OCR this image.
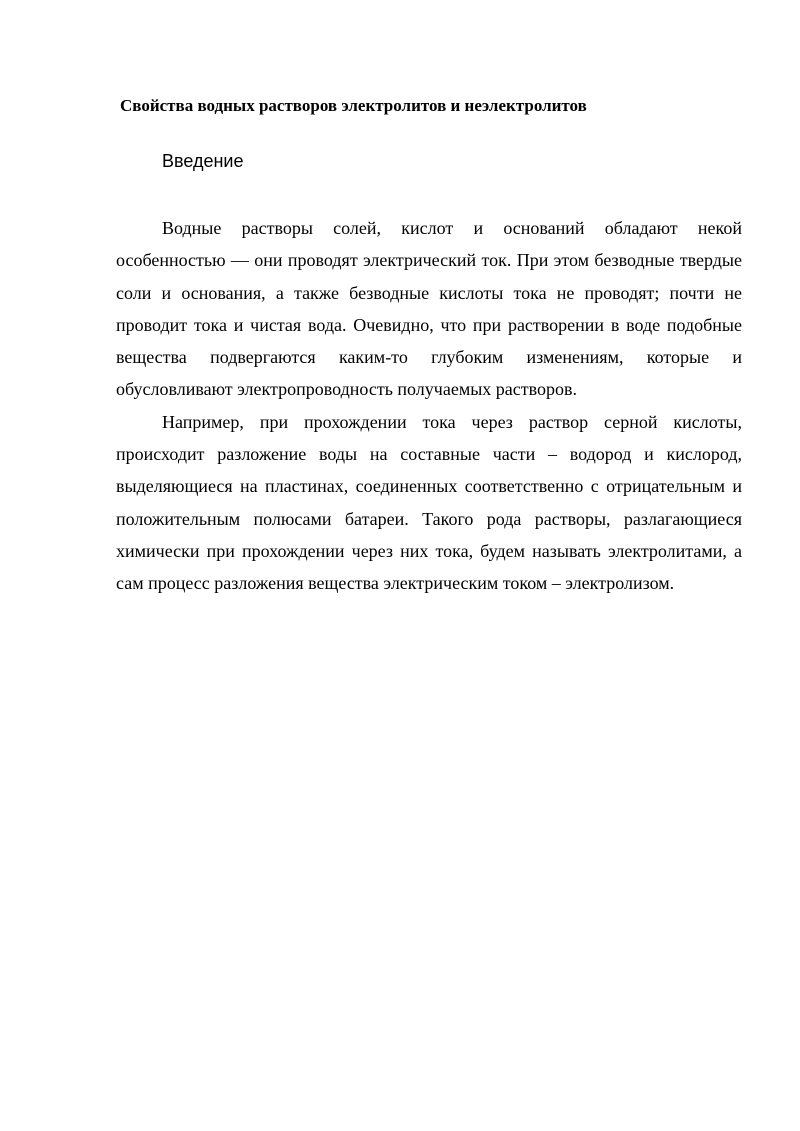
Свойства водных растворов электролитов и неэлектролитов
Введение

Водные растворы солей, кислот и оснований обладают некой особенностью — они проводят электрический ток. При этом безводные твердые соли и основания, а также безводные кислоты тока не проводят; почти не проводит тока и чистая вода. Очевидно, что при растворении в воде подобные вещества подвергаются каким-то глубоким изменениям, которые и обусловливают электропроводность получаемых растворов.

Например, при прохождении тока через раствор серной кислоты, происходит разложение воды на составные части – водород и кислород, выделяющиеся на пластинах, соединенных соответственно с отрицательным и положительным полюсами батареи. Такого рода растворы, разлагающиеся химически при прохождении через них тока, будем называть электролитами, а сам процесс разложения вещества электрическим током – электролизом.
